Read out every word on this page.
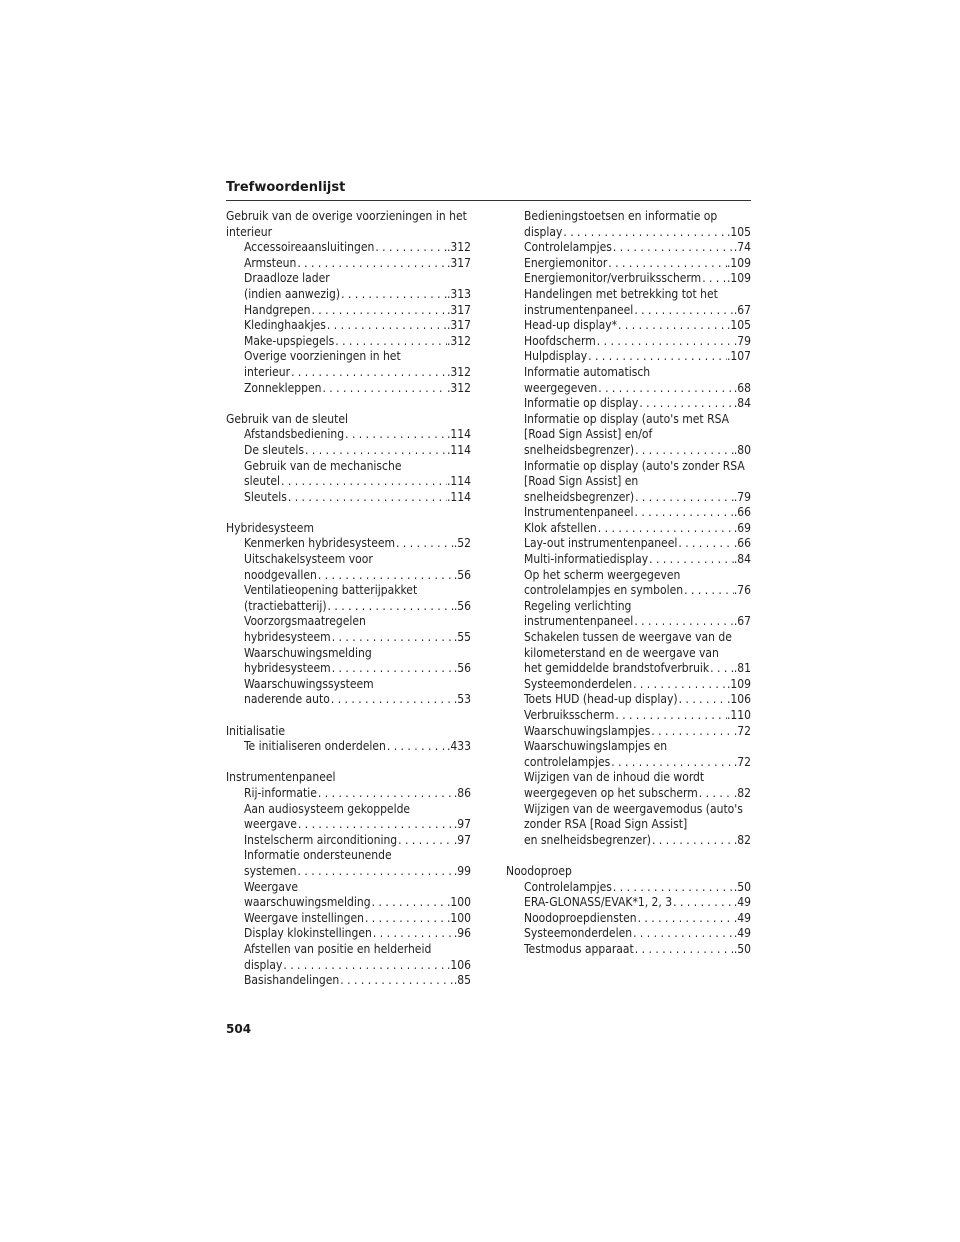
Trefwoordenlijst
Gebruik van de overige voorzieningen in het interieur
Accessoireaansluitingen . . .	.312
Armsteun . . .	.317
Draadloze lader
(indien aanwezig) . . .	.313
Handgrepen . . .	.317
Kledinghaakjes . . .	.317
Make-upspiegels . . .	.312
Overige voorzieningen in het
interieur . . .	.312
Zonnekleppen . . .	.312
Gebruik van de sleutel
Afstandsbediening . . .	.114
De sleutels . . .	.114
Gebruik van de mechanische
sleutel . . .	.114
Sleutels . . .	.114
Hybridesysteem
Kenmerken hybridesysteem . . .	.52
Uitschakelsysteem voor
noodgevallen . . .	.56
Ventilatieopening batterijpakket
(tractiebatterij) . . .	.56
Voorzorgsmaatregelen
hybridesysteem . . .	.55
Waarschuwingsmelding
hybridesysteem . . .	.56
Waarschuwingssysteem
naderende auto . . .	.53
Initialisatie
Te initialiseren onderdelen . . .	.433
Instrumentenpaneel
Rij-informatie . . .	.86
Aan audiosysteem gekoppelde
weergave . . .	.97
Instelscherm airconditioning . . .	.97
Informatie ondersteunende
systemen . . .	.99
Weergave
waarschuwingsmelding . . .	.100
Weergave instellingen . . .	.100
Display klokinstellingen . . .	.96
Afstellen van positie en helderheid
display . . .	.106
Basishandelingen . . .	.85
Bedieningstoetsen en informatie op
display . . .	.105
Controlelampjes . . .	.74
Energiemonitor . . .	.109
Energiemonitor/verbruiksscherm . . . .109
Handelingen met betrekking tot het
instrumentenpaneel . . .	.67
Head-up display* . . .	.105
Hoofdscherm . . .	.79
Hulpdisplay . . .	.107
Informatie automatisch
weergegeven . . .	.68
Informatie op display . . .	.84
Informatie op display (auto's met RSA [Road Sign Assist] en/of
snelheidsbegrenzer) . . .	.80
Informatie op display (auto's zonder RSA [Road Sign Assist] en
snelheidsbegrenzer) . . .	.79
Instrumentenpaneel . . .	.66
Klok afstellen . . .	.69
Lay-out instrumentenpaneel . . .	.66
Multi-informatiedisplay . . .	.84
Op het scherm weergegeven
controlelampjes en symbolen . . .	.76
Regeling verlichting
instrumentenpaneel . . .	.67
Schakelen tussen de weergave van de kilometerstand en de weergave van
het gemiddelde brandstofverbruik . . . .81
Systeemonderdelen . . .	.109
Toets HUD (head-up display) . . .	.106
Verbruiksscherm . . .	.110
Waarschuwingslampjes . . .	.72
Waarschuwingslampjes en
controlelampjes . . .	.72
Wijzigen van de inhoud die wordt
weergegeven op het subscherm . . .	.82
Wijzigen van de weergavemodus (auto's zonder RSA [Road Sign Assist]
en snelheidsbegrenzer) . . .	.82
Noodoproep
Controlelampjes . . .	.50
ERA-GLONASS/EVAK*1, 2, 3 . . .	.49
Noodoproepdiensten . . .	.49
Systeemonderdelen . . .	.49
Testmodus apparaat . . .	.50
504
